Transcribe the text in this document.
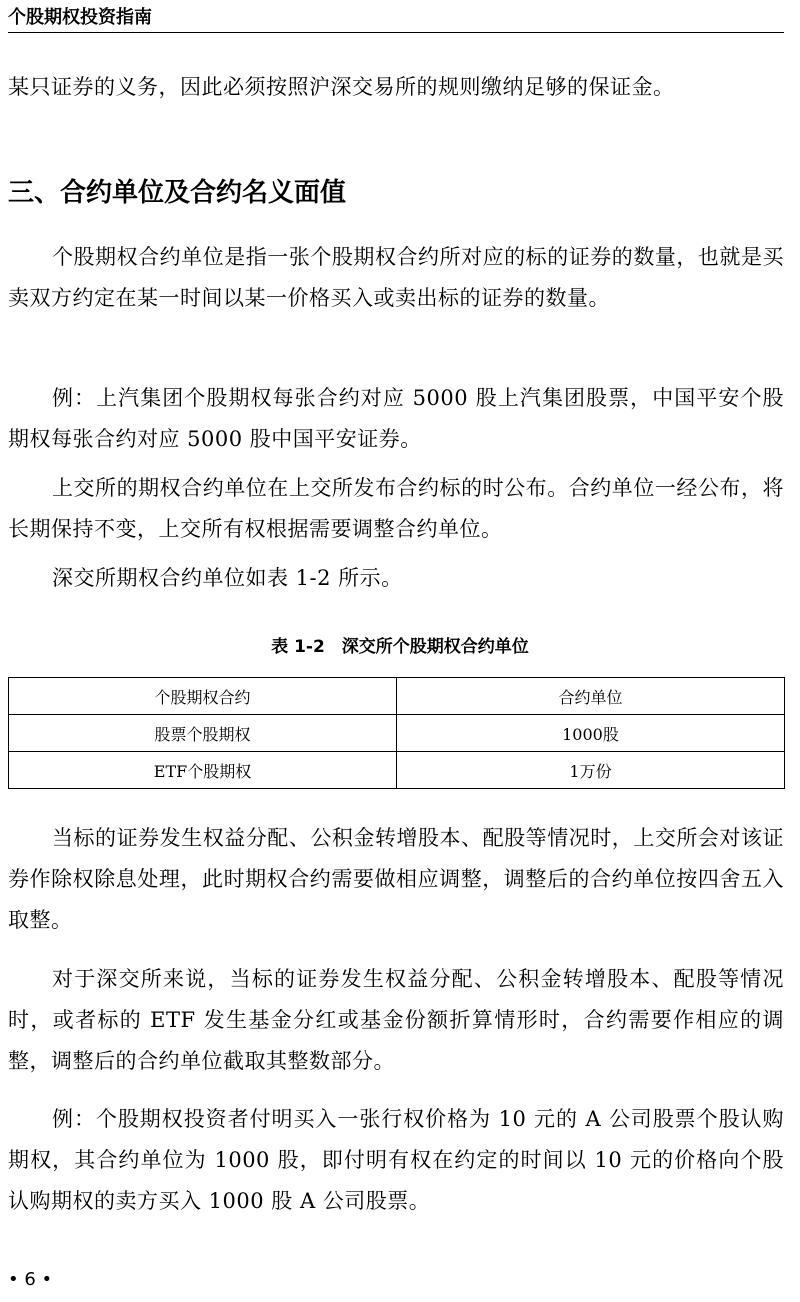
个股期权投资指南

某只证券的义务，因此必须按照沪深交易所的规则缴纳足够的保证金。

三、合约单位及合约名义面值

个股期权合约单位是指一张个股期权合约所对应的标的证券的数量，也就是买卖双方约定在某一时间以某一价格买入或卖出标的证券的数量。

例：上汽集团个股期权每张合约对应 5000 股上汽集团股票，中国平安个股期权每张合约对应 5000 股中国平安证券。

上交所的期权合约单位在上交所发布合约标的时公布。合约单位一经公布，将长期保持不变，上交所有权根据需要调整合约单位。

深交所期权合约单位如表 1-2 所示。

表 1-2　深交所个股期权合约单位
个股期权合约	合约单位
股票个股期权	1000股
ETF个股期权	1万份

当标的证券发生权益分配、公积金转增股本、配股等情况时，上交所会对该证券作除权除息处理，此时期权合约需要做相应调整，调整后的合约单位按四舍五入取整。

对于深交所来说，当标的证券发生权益分配、公积金转增股本、配股等情况时，或者标的 ETF 发生基金分红或基金份额折算情形时，合约需要作相应的调整，调整后的合约单位截取其整数部分。

例：个股期权投资者付明买入一张行权价格为 10 元的 A 公司股票个股认购期权，其合约单位为 1000 股，即付明有权在约定的时间以 10 元的价格向个股认购期权的卖方买入 1000 股 A 公司股票。

• 6 •
